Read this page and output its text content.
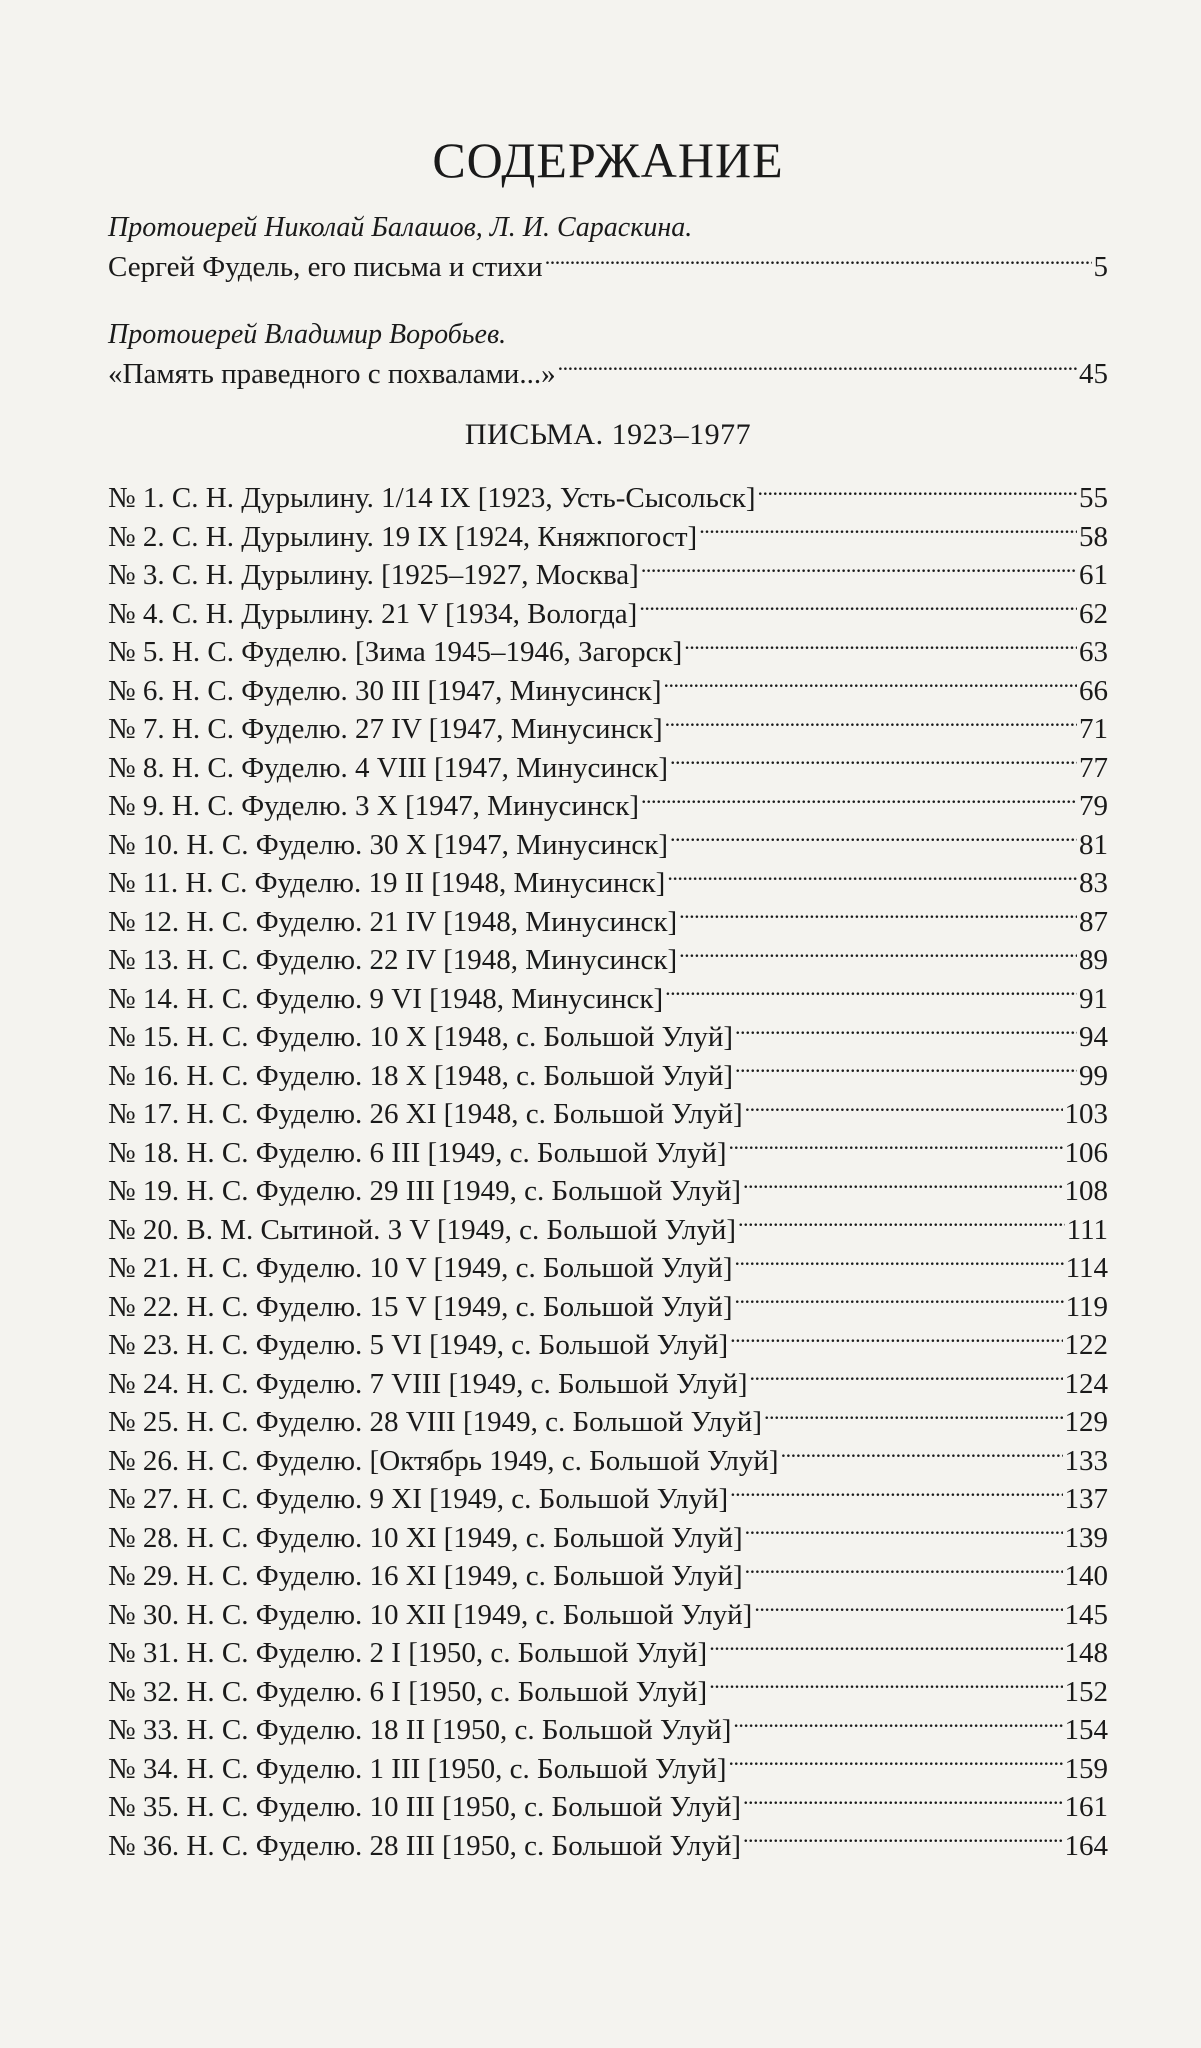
СОДЕРЖАНИЕ
Протоиерей Николай Балашов, Л. И. Сараскина.
Сергей Фудель, его письма и стихи . . .	5
Протоиерей Владимир Воробьев.
«Память праведного с похвалами...» . . .	45
ПИСЬМА. 1923–1977
№ 1. С. Н. Дурылину. 1/14 IX [1923, Усть-Сысольск] . . .	55
№ 2. С. Н. Дурылину. 19 IX [1924, Княжпогост] . . .	58
№ 3. С. Н. Дурылину. [1925–1927, Москва] . . .	61
№ 4. С. Н. Дурылину. 21 V [1934, Вологда] . . .	62
№ 5. Н. С. Фуделю. [Зима 1945–1946, Загорск] . . .	63
№ 6. Н. С. Фуделю. 30 III [1947, Минусинск] . . .	66
№ 7. Н. С. Фуделю. 27 IV [1947, Минусинск] . . .	71
№ 8. Н. С. Фуделю. 4 VIII [1947, Минусинск] . . .	77
№ 9. Н. С. Фуделю. 3 X [1947, Минусинск] . . .	79
№ 10. Н. С. Фуделю. 30 X [1947, Минусинск] . . .	81
№ 11. Н. С. Фуделю. 19 II [1948, Минусинск] . . .	83
№ 12. Н. С. Фуделю. 21 IV [1948, Минусинск] . . .	87
№ 13. Н. С. Фуделю. 22 IV [1948, Минусинск] . . .	89
№ 14. Н. С. Фуделю. 9 VI [1948, Минусинск] . . .	91
№ 15. Н. С. Фуделю. 10 X [1948, с. Большой Улуй] . . .	94
№ 16. Н. С. Фуделю. 18 X [1948, с. Большой Улуй] . . .	99
№ 17. Н. С. Фуделю. 26 XI [1948, с. Большой Улуй] . . .	103
№ 18. Н. С. Фуделю. 6 III [1949, с. Большой Улуй] . . .	106
№ 19. Н. С. Фуделю. 29 III [1949, с. Большой Улуй] . . .	108
№ 20. В. М. Сытиной. 3 V [1949, с. Большой Улуй] . . .	111
№ 21. Н. С. Фуделю. 10 V [1949, с. Большой Улуй] . . .	114
№ 22. Н. С. Фуделю. 15 V [1949, с. Большой Улуй] . . .	119
№ 23. Н. С. Фуделю. 5 VI [1949, с. Большой Улуй] . . .	122
№ 24. Н. С. Фуделю. 7 VIII [1949, с. Большой Улуй] . . .	124
№ 25. Н. С. Фуделю. 28 VIII [1949, с. Большой Улуй] . . .	129
№ 26. Н. С. Фуделю. [Октябрь 1949, с. Большой Улуй] . . .	133
№ 27. Н. С. Фуделю. 9 XI [1949, с. Большой Улуй] . . .	137
№ 28. Н. С. Фуделю. 10 XI [1949, с. Большой Улуй] . . .	139
№ 29. Н. С. Фуделю. 16 XI [1949, с. Большой Улуй] . . .	140
№ 30. Н. С. Фуделю. 10 XII [1949, с. Большой Улуй] . . .	145
№ 31. Н. С. Фуделю. 2 I [1950, с. Большой Улуй] . . .	148
№ 32. Н. С. Фуделю. 6 I [1950, с. Большой Улуй] . . .	152
№ 33. Н. С. Фуделю. 18 II [1950, с. Большой Улуй] . . .	154
№ 34. Н. С. Фуделю. 1 III [1950, с. Большой Улуй] . . .	159
№ 35. Н. С. Фуделю. 10 III [1950, с. Большой Улуй] . . .	161
№ 36. Н. С. Фуделю. 28 III [1950, с. Большой Улуй] . . .	164
